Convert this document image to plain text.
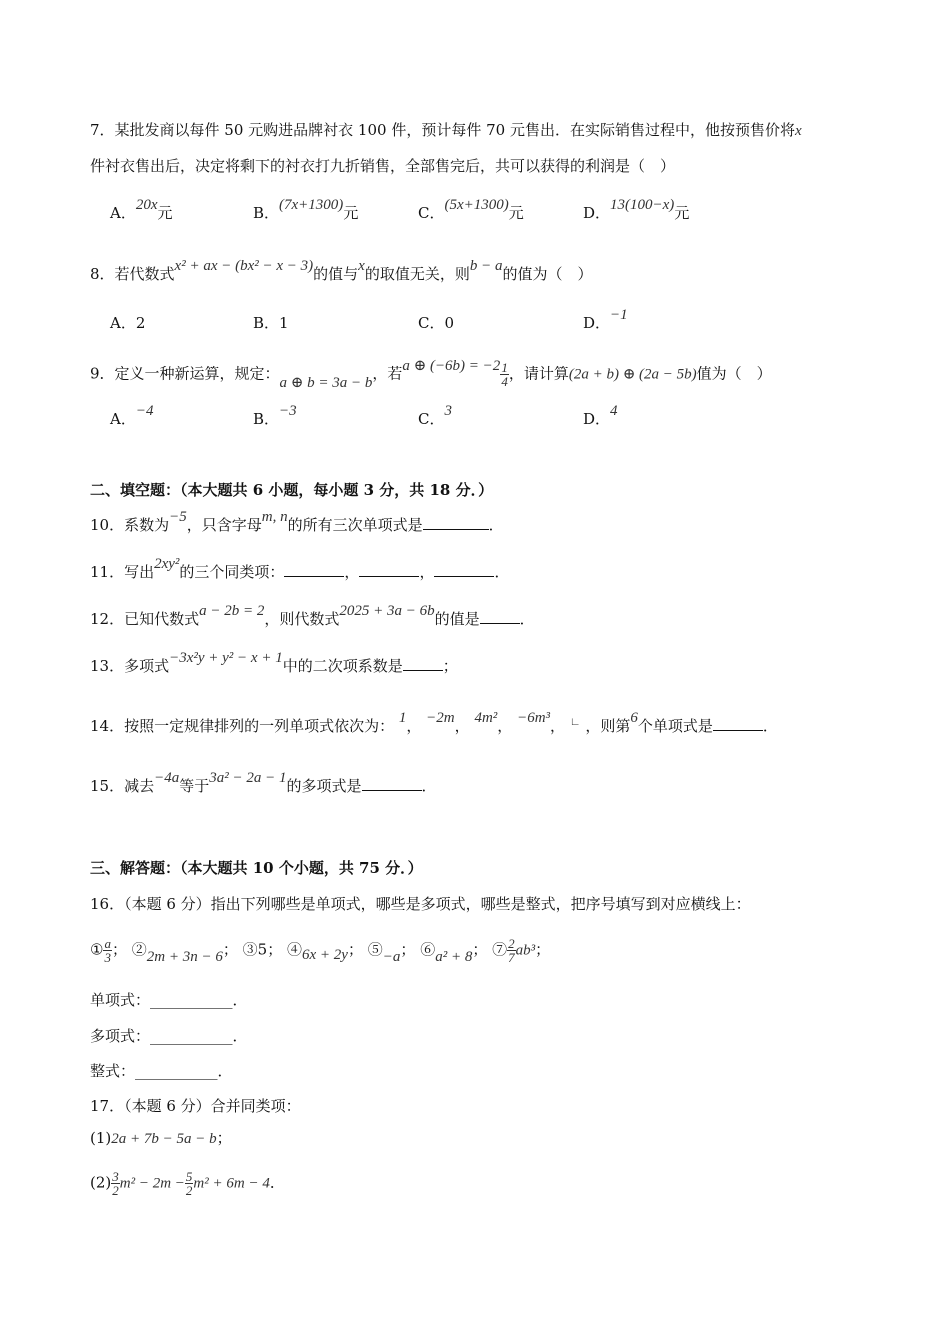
7．某批发商以每件 50 元购进品牌衬衣 100 件，预计每件 70 元售出．在实际销售过程中，他按预售价将x
件衬衣售出后，决定将剩下的衬衣打九折销售，全部售完后，共可以获得的利润是（　）
A．20x元	B．(7x+1300)元	C．(5x+1300)元	D．13(100−x)元
8．若代数式x² + ax − (bx² − x − 3)的值与x的取值无关，则b − a的值为（　）
A．2	B．1	C．0	D．−1
9．定义一种新运算，规定：a ⊕ b = 3a − b，若a ⊕ $(-6b) = -2 \frac{1}{4}$ ，请计算(2a + b) ⊕ (2a − 5b)值为（　）
A．−4	B．−3	C．3	D．4
二、填空题：（本大题共 6 小题，每小题 3 分，共 18 分．）
10．系数为−5，只含字母m, n的所有三次单项式是	．
11．写出2xy²的三个同类项：	，	，	．
12．已知代数式a − 2b = 2，则代数式2025 + 3a − 6b的值是	．
13．多项式−3x²y + y² − x + 1中的二次项系数是	；
14．按照一定规律排列的一列单项式依次为： 1， −2m， 4m²， −6m³， ∟ ，则第6个单项式是	．
15．减去−4a等于3a² − 2a − 1的多项式是	．
三、解答题：（本大题共 10 个小题，共 75 分．）
16．（本题 6 分）指出下列哪些是单项式，哪些是多项式，哪些是整式，把序号填写到对应横线上：
① $\frac{a}{3}$ ； ②2m + 3n − 6； ③5； ④6x + 2y； ⑤−a； ⑥a² + 8； ⑦ $\frac{2}{7} ab^3$；
单项式：___________．
多项式：___________．
整式：___________．
17．（本题 6 分）合并同类项：
(1)2a + 7b − 5a − b；
$(2) \frac{3}{2} m^2 - 2m - \frac{5}{2} m^2 + 6m - 4$．
